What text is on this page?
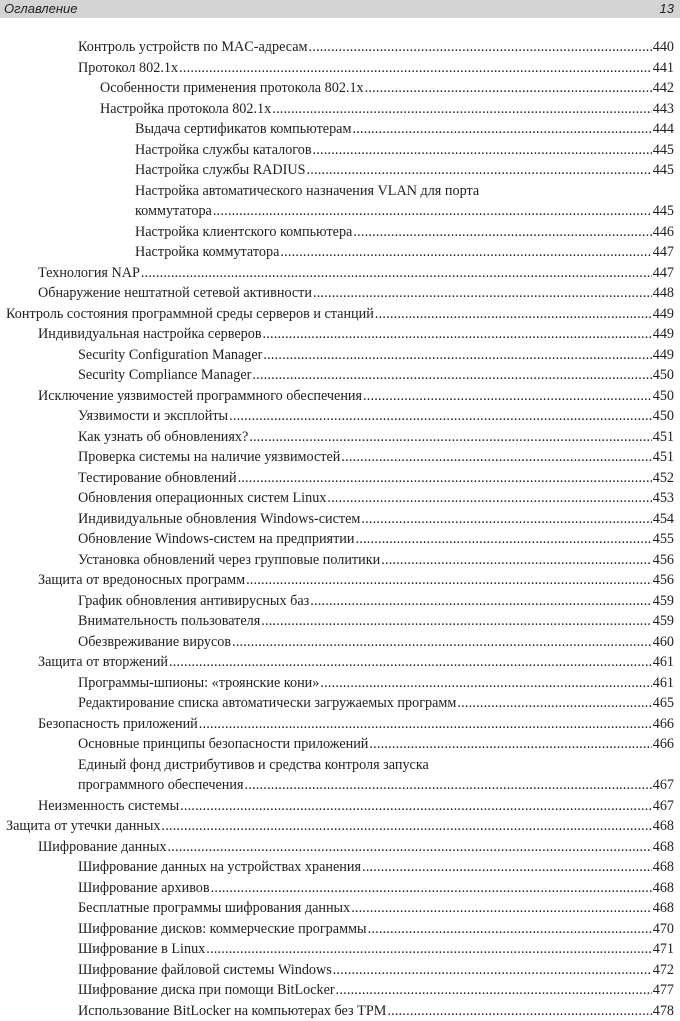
Оглавление	13
Контроль устройств по MAC-адресам .....	440
Протокол 802.1x .....	441
Особенности применения протокола 802.1x .....	442
Настройка протокола 802.1x .....	443
Выдача сертификатов компьютерам .....	444
Настройка службы каталогов .....	445
Настройка службы RADIUS .....	445
Настройка автоматического назначения VLAN для порта
коммутатора .....	445
Настройка клиентского компьютера .....	446
Настройка коммутатора .....	447
Технология NAP .....	447
Обнаружение нештатной сетевой активности .....	448
Контроль состояния программной среды серверов и станций .....	449
Индивидуальная настройка серверов .....	449
Security Configuration Manager .....	449
Security Compliance Manager .....	450
Исключение уязвимостей программного обеспечения .....	450
Уязвимости и эксплойты .....	450
Как узнать об обновлениях? .....	451
Проверка системы на наличие уязвимостей .....	451
Тестирование обновлений .....	452
Обновления операционных систем Linux .....	453
Индивидуальные обновления Windows-систем .....	454
Обновление Windows-систем на предприятии .....	455
Установка обновлений через групповые политики .....	456
Защита от вредоносных программ .....	456
График обновления антивирусных баз .....	459
Внимательность пользователя .....	459
Обезвреживание вирусов .....	460
Защита от вторжений .....	461
Программы-шпионы: «троянские кони» .....	461
Редактирование списка автоматически загружаемых программ .....	465
Безопасность приложений .....	466
Основные принципы безопасности приложений .....	466
Единый фонд дистрибутивов и средства контроля запуска
программного обеспечения .....	467
Неизменность системы .....	467
Защита от утечки данных .....	468
Шифрование данных .....	468
Шифрование данных на устройствах хранения .....	468
Шифрование архивов .....	468
Бесплатные программы шифрования данных .....	468
Шифрование дисков: коммерческие программы .....	470
Шифрование в Linux .....	471
Шифрование файловой системы Windows .....	472
Шифрование диска при помощи BitLocker .....	477
Использование BitLocker на компьютерах без TPM .....	478
